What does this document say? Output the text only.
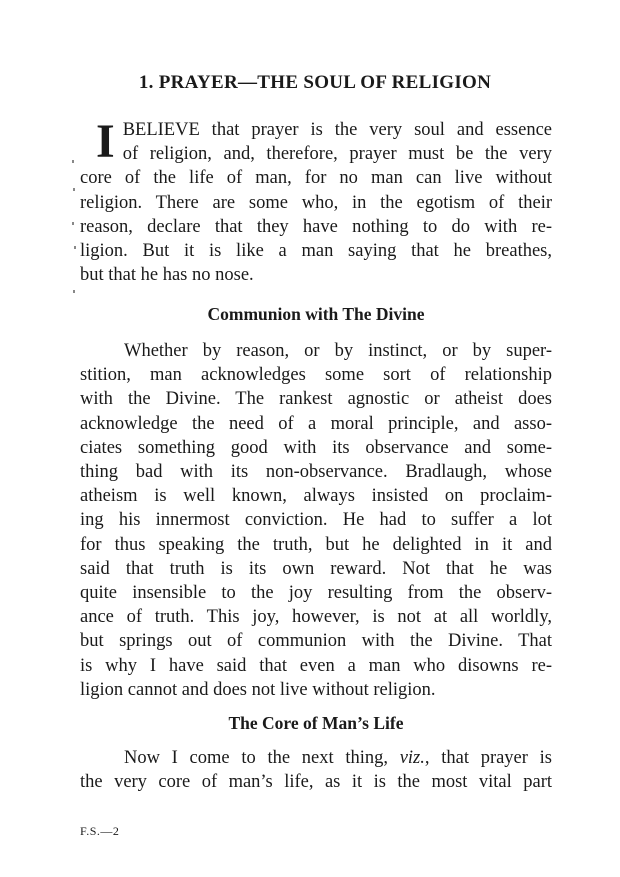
1. PRAYER—THE SOUL OF RELIGION
I BELIEVE that prayer is the very soul and essence
of religion, and, therefore, prayer must be the very
core of the life of man, for no man can live without
religion. There are some who, in the egotism of their
reason, declare that they have nothing to do with re-
ligion. But it is like a man saying that he breathes,
but that he has no nose.
Communion with The Divine
Whether by reason, or by instinct, or by super-
stition, man acknowledges some sort of relationship
with the Divine. The rankest agnostic or atheist does
acknowledge the need of a moral principle, and asso-
ciates something good with its observance and some-
thing bad with its non-observance. Bradlaugh, whose
atheism is well known, always insisted on proclaim-
ing his innermost conviction. He had to suffer a lot
for thus speaking the truth, but he delighted in it and
said that truth is its own reward. Not that he was
quite insensible to the joy resulting from the observ-
ance of truth. This joy, however, is not at all worldly,
but springs out of communion with the Divine. That
is why I have said that even a man who disowns re-
ligion cannot and does not live without religion.
The Core of Man’s Life
Now I come to the next thing, viz., that prayer is
the very core of man’s life, as it is the most vital part
F.S.—2
